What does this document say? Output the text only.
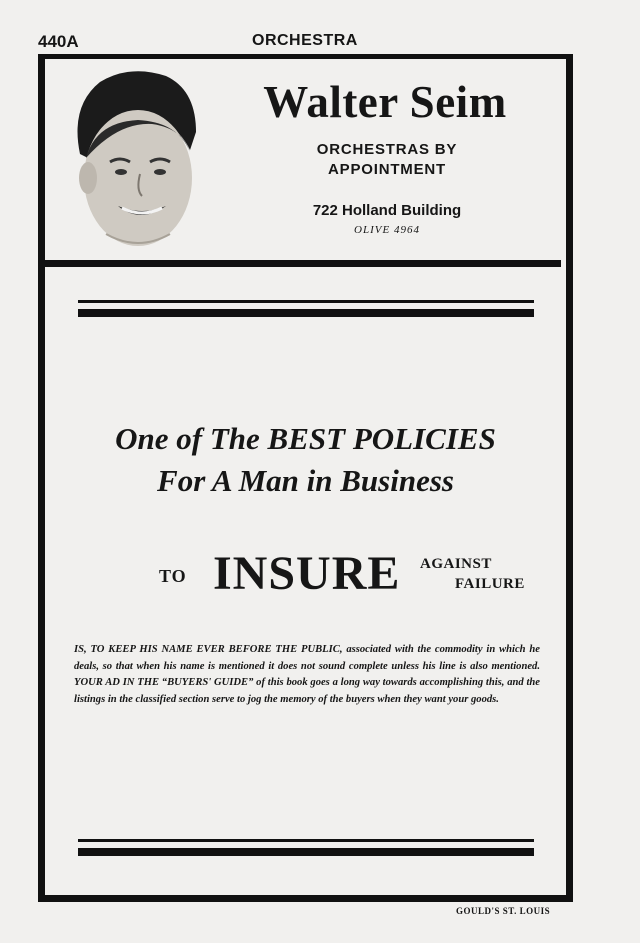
440A	ORCHESTRA
Walter Seim
ORCHESTRAS BY
APPOINTMENT
722 Holland Building
OLIVE 4964
One of The BEST POLICIES
For A Man in Business
TO INSURE AGAINST
FAILURE
IS, TO KEEP HIS NAME EVER BEFORE THE PUBLIC, associated with the commodity in which he deals, so that when his name is mentioned it does not sound complete unless his line is also mentioned. YOUR AD IN THE “BUYERS' GUIDE” of this book goes a long way towards accomplishing this, and the listings in the classified section serve to jog the memory of the buyers when they want your goods.
GOULD'S ST. LOUIS
